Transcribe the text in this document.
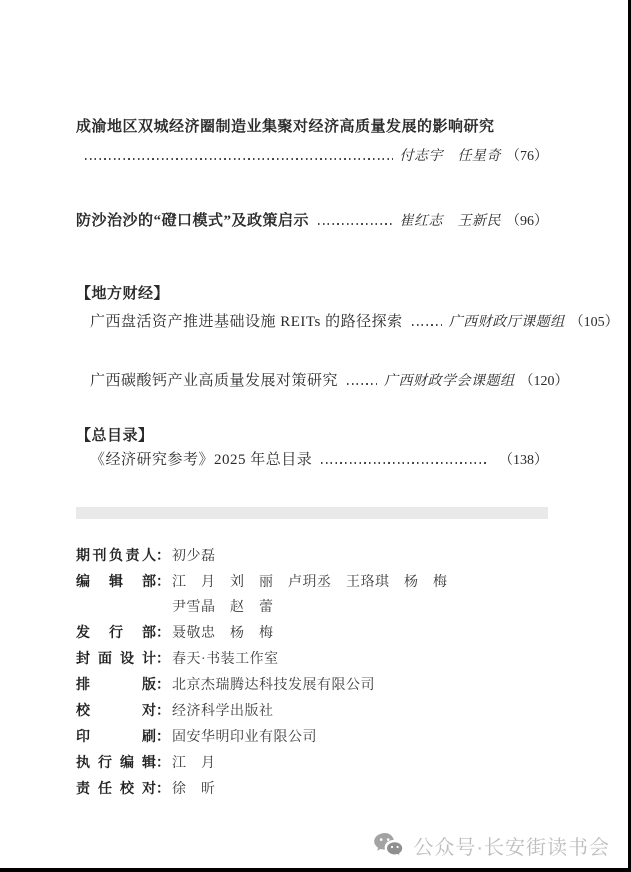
成渝地区双城经济圈制造业集聚对经济高质量发展的影响研究
付志宇　任星奇 （76）
防沙治沙的“磴口模式”及政策启示	崔红志　王新民 （96）
【地方财经】
广西盘活资产推进基础设施 REITs 的路径探索	广西财政厅课题组 （105）
广西碳酸钙产业高质量发展对策研究	广西财政学会课题组 （120）
【总目录】
《经济研究参考》2025 年总目录	（138）
期刊负责人 ： 初少磊
编辑部 ： 江　月　刘　丽　卢玥丞　王珞琪　杨　梅
尹雪晶　赵　蕾
发行部 ： 聂敬忠　杨　梅
封面设计 ： 春天·书装工作室
排版 ： 北京杰瑞腾达科技发展有限公司
校对 ： 经济科学出版社
印刷 ： 固安华明印业有限公司
执行编辑 ： 江　月
责任校对 ： 徐　昕
公众号·长安街读书会
